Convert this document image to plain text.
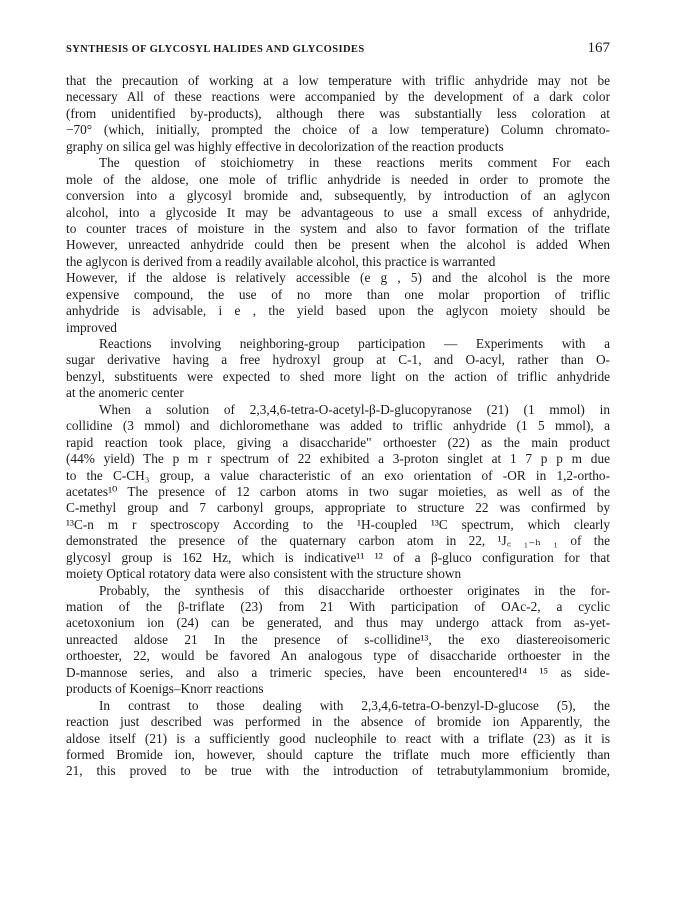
SYNTHESIS OF GLYCOSYL HALIDES AND GLYCOSIDES	167
that the precaution of working at a low temperature with triflic anhydride may not be
necessary All of these reactions were accompanied by the development of a dark color
(from unidentified by-products), although there was substantially less coloration at
−70° (which, initially, prompted the choice of a low temperature) Column chromato-
graphy on silica gel was highly effective in decolorization of the reaction products
The question of stoichiometry in these reactions merits comment For each
mole of the aldose, one mole of triflic anhydride is needed in order to promote the
conversion into a glycosyl bromide and, subsequently, by introduction of an aglycon
alcohol, into a glycoside It may be advantageous to use a small excess of anhydride,
to counter traces of moisture in the system and also to favor formation of the triflate
However, unreacted anhydride could then be present when the alcohol is added When
the aglycon is derived from a readily available alcohol, this practice is warranted
However, if the aldose is relatively accessible (e g , 5) and the alcohol is the more
expensive compound, the use of no more than one molar proportion of triflic
anhydride is advisable, i e , the yield based upon the aglycon moiety should be
improved
Reactions involving neighboring-group participation — Experiments with a
sugar derivative having a free hydroxyl group at C-1, and O-acyl, rather than O-
benzyl, substituents were expected to shed more light on the action of triflic anhydride
at the anomeric center
When a solution of 2,3,4,6-tetra-O-acetyl-β-D-glucopyranose (21) (1 mmol) in
collidine (3 mmol) and dichloromethane was added to triflic anhydride (1 5 mmol), a
rapid reaction took place, giving a disaccharide" orthoester (22) as the main product
(44% yield) The p m r spectrum of 22 exhibited a 3-proton singlet at 1 7 p p m due
to the C-CH₃ group, a value characteristic of an exo orientation of -OR in 1,2-ortho-
acetates¹⁰ The presence of 12 carbon atoms in two sugar moieties, as well as of the
C-methyl group and 7 carbonyl groups, appropriate to structure 22 was confirmed by
¹³C-n m r spectroscopy According to the ¹H-coupled ¹³C spectrum, which clearly
demonstrated the presence of the quaternary carbon atom in 22, ¹J꜀ ₁₋ₕ ₁ of the
glycosyl group is 162 Hz, which is indicative¹¹ ¹² of a β-gluco configuration for that
moiety Optical rotatory data were also consistent with the structure shown
Probably, the synthesis of this disaccharide orthoester originates in the for-
mation of the β-triflate (23) from 21 With participation of OAc-2, a cyclic
acetoxonium ion (24) can be generated, and thus may undergo attack from as-yet-
unreacted aldose 21 In the presence of s-collidine¹³, the exo diastereoisomeric
orthoester, 22, would be favored An analogous type of disaccharide orthoester in the
D-mannose series, and also a trimeric species, have been encountered¹⁴ ¹⁵ as side-
products of Koenigs–Knorr reactions
In contrast to those dealing with 2,3,4,6-tetra-O-benzyl-D-glucose (5), the
reaction just described was performed in the absence of bromide ion Apparently, the
aldose itself (21) is a sufficiently good nucleophile to react with a triflate (23) as it is
formed Bromide ion, however, should capture the triflate much more efficiently than
21, this proved to be true with the introduction of tetrabutylammonium bromide,
